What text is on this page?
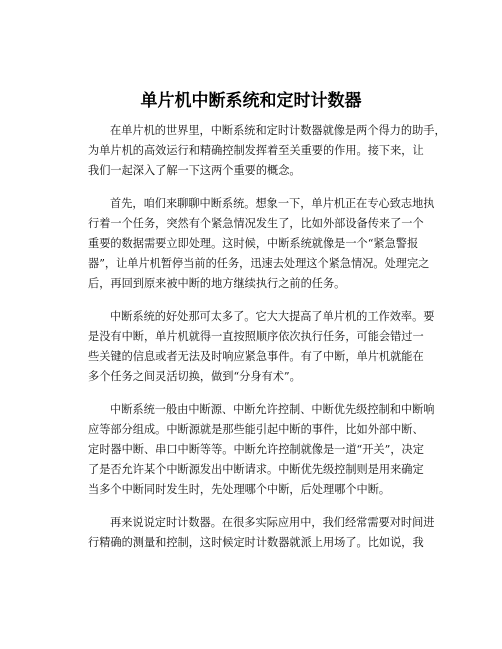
单片机中断系统和定时计数器

在单片机的世界里，中断系统和定时计数器就像是两个得力的助手，
为单片机的高效运行和精确控制发挥着至关重要的作用。接下来，让
我们一起深入了解一下这两个重要的概念。

首先，咱们来聊聊中断系统。想象一下，单片机正在专心致志地执
行着一个任务，突然有个紧急情况发生了，比如外部设备传来了一个
重要的数据需要立即处理。这时候，中断系统就像是一个“紧急警报
器”，让单片机暂停当前的任务，迅速去处理这个紧急情况。处理完之
后，再回到原来被中断的地方继续执行之前的任务。

中断系统的好处那可太多了。它大大提高了单片机的工作效率。要
是没有中断，单片机就得一直按照顺序依次执行任务，可能会错过一
些关键的信息或者无法及时响应紧急事件。有了中断，单片机就能在
多个任务之间灵活切换，做到“分身有术”。

中断系统一般由中断源、中断允许控制、中断优先级控制和中断响
应等部分组成。中断源就是那些能引起中断的事件，比如外部中断、
定时器中断、串口中断等等。中断允许控制就像是一道“开关”，决定
了是否允许某个中断源发出中断请求。中断优先级控制则是用来确定
当多个中断同时发生时，先处理哪个中断，后处理哪个中断。

再来说说定时计数器。在很多实际应用中，我们经常需要对时间进
行精确的测量和控制，这时候定时计数器就派上用场了。比如说，我
